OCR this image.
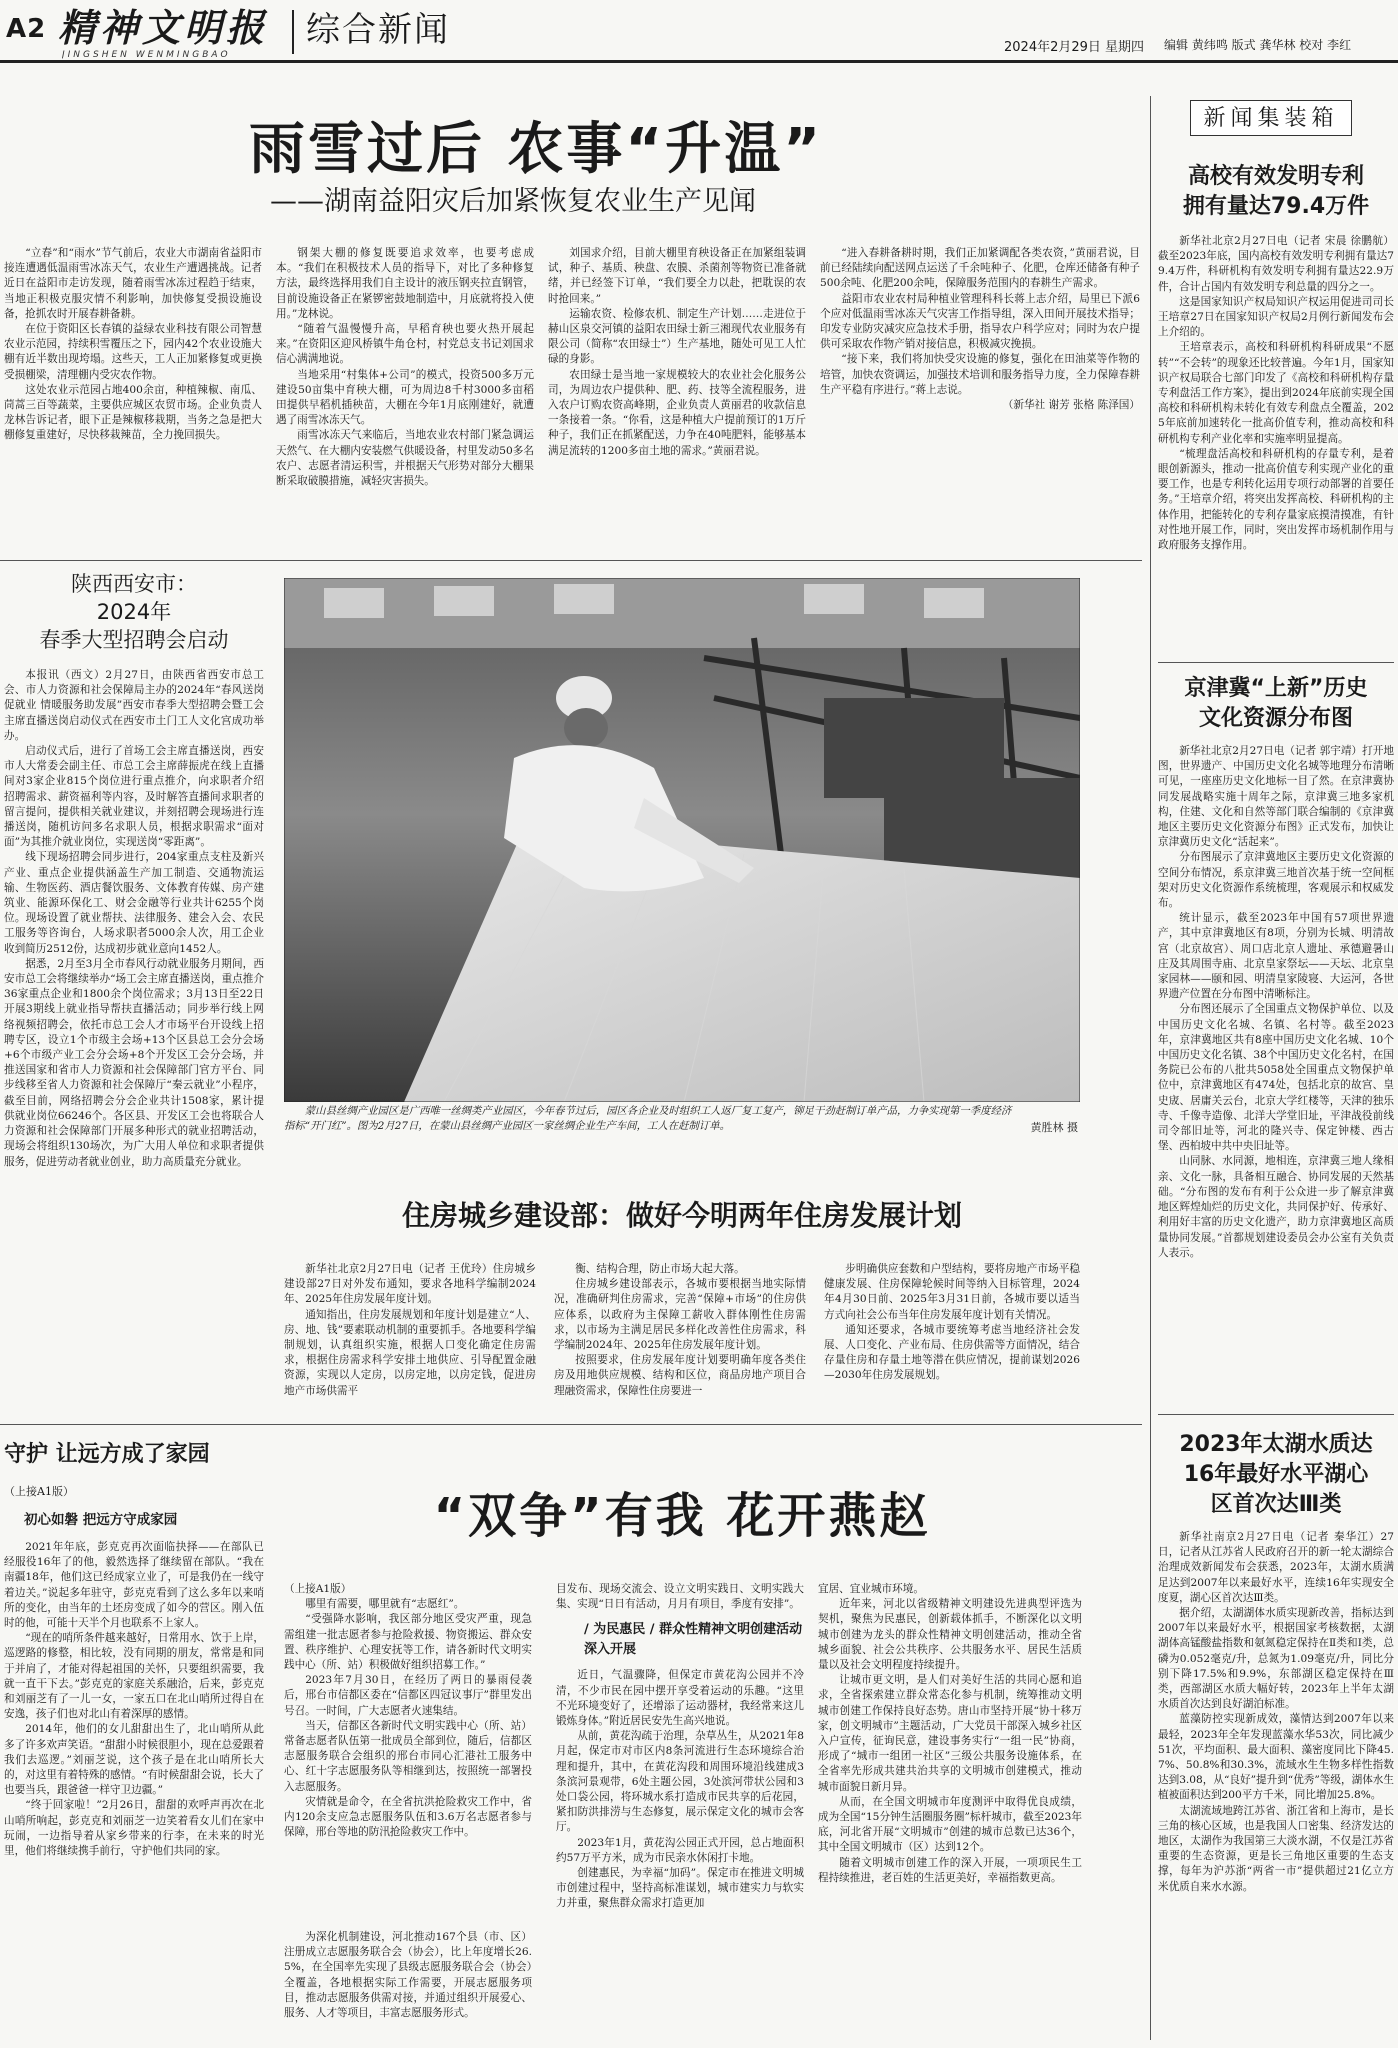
A2 精神文明报
JINGSHEN WENMINGBAO
综合新闻	2024年2月29日 星期四 编辑 黄纬鸣 版式 龚华林 校对 李红
雨雪过后 农事“升温”
——湖南益阳灾后加紧恢复农业生产见闻

“立春”和“雨水”节气前后，农业大市湖南省益阳市接连遭遇低温雨雪冰冻天气，农业生产遭遇挑战。记者近日在益阳市走访发现，随着雨雪冰冻过程趋于结束，当地正积极克服灾情不利影响，加快修复受损设施设备，抢抓农时开展春耕备耕。

在位于资阳区长春镇的益绿农业科技有限公司智慧农业示范园，持续积雪覆压之下，园内42个农业设施大棚有近半数出现垮塌。这些天，工人正加紧修复或更换受损棚梁，清理棚内受灾农作物。

这处农业示范园占地400余亩，种植辣椒、南瓜、茼蒿三百等蔬菜，主要供应城区农贸市场。企业负责人龙林告诉记者，眼下正是辣椒移栽期，当务之急是把大棚修复重建好，尽快移栽辣苗，全力挽回损失。

钢架大棚的修复既要追求效率，也要考虑成本。“我们在积极技术人员的指导下，对比了多种修复方法，最终选择用我们自主设计的液压钢夹拉直钢管，目前设施设备正在紧锣密鼓地制造中，月底就将投入使用。”龙林说。

“随着气温慢慢升高，早稻育秧也要火热开展起来。”在资阳区迎风桥镇牛角仓村，村党总支书记刘国求信心满满地说。

当地采用“村集体+公司”的模式，投资500多万元建设50亩集中育秧大棚，可为周边8千村3000多亩稻田提供早稻机插秧苗，大棚在今年1月底刚建好，就遭遇了雨雪冰冻天气。

雨雪冰冻天气来临后，当地农业农村部门紧急调运天然气、在大棚内安装燃气供暖设备，村里发动50多名农户、志愿者清运积雪，并根据天气形势对部分大棚果断采取破膜措施，减轻灾害损失。

刘国求介绍，目前大棚里育秧设备正在加紧组装调试，种子、基质、秧盘、农膜、杀菌剂等物资已准备就绪，并已经签下订单，“我们要全力以赴，把耽误的农时抢回来。”

运输农资、检修农机、制定生产计划……走进位于赫山区泉交河镇的益阳农田绿士新三湘现代农业服务有限公司（简称“农田绿士”）生产基地，随处可见工人忙碌的身影。

农田绿士是当地一家规模较大的农业社会化服务公司，为周边农户提供种、肥、药、技等全流程服务，进入农户订购农资高峰期，企业负责人黄丽君的收款信息一条接着一条。“你看，这是种植大户提前预订的1万斤种子，我们正在抓紧配送，力争在40吨肥料，能够基本满足流转的1200多亩土地的需求。”黄丽君说。

“进入春耕备耕时期，我们正加紧调配各类农资，”黄丽君说，目前已经陆续向配送网点运送了千余吨种子、化肥，仓库还储备有种子500余吨、化肥200余吨，保障服务范围内的春耕生产需求。

益阳市农业农村局种植业管理科科长蒋上志介绍，局里已下派6个应对低温雨雪冰冻天气灾害工作指导组，深入田间开展技术指导；印发专业防灾减灾应急技术手册，指导农户科学应对；同时为农户提供可采取农作物产销对接信息，积极减灾挽损。

“接下来，我们将加快受灾设施的修复，强化在田油菜等作物的培管，加快农资调运，加强技术培训和服务指导力度，全力保障春耕生产平稳有序进行。”蒋上志说。

（新华社 谢芳 张格 陈泽国）

新闻集装箱
高校有效发明专利拥有量达79.4万件

新华社北京2月27日电（记者 宋晨 徐鹏航）截至2023年底，国内高校有效发明专利拥有量达79.4万件，科研机构有效发明专利拥有量达22.9万件，合计占国内有效发明专利总量的四分之一。

这是国家知识产权局知识产权运用促进司司长王培章27日在国家知识产权局2月例行新闻发布会上介绍的。

王培章表示，高校和科研机构科研成果“不愿转”“不会转”的现象还比较普遍。今年1月，国家知识产权局联合七部门印发了《高校和科研机构存量专利盘活工作方案》，提出到2024年底前实现全国高校和科研机构未转化有效专利盘点全覆盖，2025年底前加速转化一批高价值专利，推动高校和科研机构专利产业化率和实施率明显提高。

“梳理盘活高校和科研机构的存量专利，是着眼创新源头，推动一批高价值专利实现产业化的重要工作，也是专利转化运用专项行动部署的首要任务。”王培章介绍，将突出发挥高校、科研机构的主体作用，把能转化的专利存量家底摸清摸准，有针对性地开展工作，同时，突出发挥市场机制作用与政府服务支撑作用。

京津冀“上新”历史文化资源分布图

新华社北京2月27日电（记者 郭宇靖）打开地图，世界遗产、中国历史文化名城等地理分布清晰可见，一座座历史文化地标一目了然。在京津冀协同发展战略实施十周年之际，京津冀三地多家机构，住建、文化和自然等部门联合编制的《京津冀地区主要历史文化资源分布图》正式发布，加快让京津冀历史文化“活起来”。

分布图展示了京津冀地区主要历史文化资源的空间分布情况，系京津冀三地首次基于统一空间框架对历史文化资源作系统梳理，客观展示和权威发布。

统计显示，截至2023年中国有57项世界遗产，其中京津冀地区有8项，分别为长城、明清故宫（北京故宫）、周口店北京人遗址、承德避暑山庄及其周围寺庙、北京皇家祭坛——天坛、北京皇家园林——颐和园、明清皇家陵寝、大运河，各世界遗产位置在分布图中清晰标注。

分布图还展示了全国重点文物保护单位、以及中国历史文化名城、名镇、名村等。截至2023年，京津冀地区共有8座中国历史文化名城、10个中国历史文化名镇、38个中国历史文化名村，在国务院已公布的八批共5058处全国重点文物保护单位中，京津冀地区有474处，包括北京的故宫、皇史宬、居庸关云台，北京大学红楼等，天津的独乐寺、千像寺造像、北洋大学堂旧址，平津战役前线司令部旧址等，河北的隆兴寺、保定钟楼、西古堡、西柏坡中共中央旧址等。

山同脉、水同源，地相连，京津冀三地人缘相亲、文化一脉，具备相互融合、协同发展的天然基础。“分布图的发布有利于公众进一步了解京津冀地区辉煌灿烂的历史文化，共同保护好、传承好、利用好丰富的历史文化遗产，助力京津冀地区高质量协同发展。”首都规划建设委员会办公室有关负责人表示。

2023年太湖水质达16年最好水平湖心区首次达Ⅲ类

新华社南京2月27日电（记者 秦华江）27日，记者从江苏省人民政府召开的新一轮太湖综合治理成效新闻发布会获悉，2023年，太湖水质满足达到2007年以来最好水平，连续16年实现安全度夏，湖心区首次达Ⅲ类。

据介绍，太湖湖体水质实现新改善，指标达到2007年以来最好水平，根据国家考核数据，太湖湖体高锰酸盐指数和氨氮稳定保持在Ⅱ类和Ⅰ类，总磷为0.052毫克/升，总氮为1.09毫克/升，同比分别下降17.5%和9.9%，东部湖区稳定保持在Ⅲ类，西部湖区水质大幅好转，2023年上半年太湖水质首次达到良好湖泊标准。

蓝藻防控实现新成效，藻情达到2007年以来最轻，2023年全年发现蓝藻水华53次，同比减少51次，平均面积、最大面积、藻密度同比下降45.7%、50.8%和30.3%，流域水生生物多样性指数达到3.08，从“良好”提升到“优秀”等级，湖体水生植被面积达到200平方千米，同比增加25.8%。

太湖流域地跨江苏省、浙江省和上海市，是长三角的核心区域，也是我国人口密集、经济发达的地区，太湖作为我国第三大淡水湖，不仅是江苏省重要的生态资源，更是长三角地区重要的生态支撑，每年为沪苏浙“两省一市”提供超过21亿立方米优质自来水水源。

陕西西安市：
2024年
春季大型招聘会启动

本报讯（西文）2月27日，由陕西省西安市总工会、市人力资源和社会保障局主办的2024年“春风送岗促就业 情暖服务助发展”西安市春季大型招聘会暨工会主席直播送岗启动仪式在西安市土门工人文化宫成功举办。

启动仪式后，进行了首场工会主席直播送岗，西安市人大常委会副主任、市总工会主席薛振虎在线上直播间对3家企业815个岗位进行重点推介，向求职者介绍招聘需求、薪资福利等内容，及时解答直播间求职者的留言提问，提供相关就业建议，并刻招聘会现场进行连播送岗，随机访问多名求职人员，根据求职需求“面对面”为其推介就业岗位，实现送岗“零距离”。

线下现场招聘会同步进行，204家重点支柱及新兴产业、重点企业提供涵盖生产加工制造、交通物流运输、生物医药、酒店餐饮服务、文体教育传媒、房产建筑业、能源环保化工、财会金融等行业共计6255个岗位。现场设置了就业帮扶、法律服务、建会入会、农民工服务等咨询台，人场求职者5000余人次，用工企业收到简历2512份，达成初步就业意向1452人。

据悉，2月至3月全市春风行动就业服务月期间，西安市总工会将继续举办“场工会主席直播送岗，重点推介36家重点企业和1800余个岗位需求；3月13日至22日开展3期线上就业指导帮扶直播活动；同步举行线上网络视频招聘会，依托市总工会人才市场平台开设线上招聘专区，设立1个市级主会场+13个区县总工会分会场+6个市级产业工会分会场+8个开发区工会分会场，并推送国家和省市人力资源和社会保障部门官方平台、同步线移至省人力资源和社会保障厅“秦云就业”小程序，截至目前，网络招聘会分会企业共计1508家，累计提供就业岗位66246个。各区县、开发区工会也将联合人力资源和社会保障部门开展多种形式的就业招聘活动，现场会将组织130场次，为广大用人单位和求职者提供服务，促进劳动者就业创业，助力高质量充分就业。

蒙山县丝绸产业园区是广西唯一丝绸类产业园区，今年春节过后，园区各企业及时组织工人返厂复工复产，铆足干劲赶制订单产品，力争实现第一季度经济指标“开门红”。图为2月27日，在蒙山县丝绸产业园区一家丝绸企业生产车间，工人在赶制订单。	黄胜林 摄
住房城乡建设部：做好今明两年住房发展计划

新华社北京2月27日电（记者 王优玲）住房城乡建设部27日对外发布通知，要求各地科学编制2024年、2025年住房发展年度计划。

通知指出，住房发展规划和年度计划是建立“人、房、地、钱”要素联动机制的重要抓手。各地要科学编制规划，认真组织实施，根据人口变化确定住房需求，根据住房需求科学安排土地供应、引导配置金融资源，实现以人定房，以房定地，以房定钱，促进房地产市场供需平

衡、结构合理，防止市场大起大落。

住房城乡建设部表示，各城市要根据当地实际情况，准确研判住房需求，完善“保障+市场”的住房供应体系，以政府为主保障工薪收入群体刚性住房需求，以市场为主满足居民多样化改善性住房需求，科学编制2024年、2025年住房发展年度计划。

按照要求，住房发展年度计划要明确年度各类住房及用地供应规模、结构和区位，商品房地产项目合理融资需求，保障性住房要进一

步明确供应套数和户型结构，要将房地产市场平稳健康发展、住房保障轮候时间等纳入目标管理，2024年4月30日前、2025年3月31日前，各城市要以适当方式向社会公布当年住房发展年度计划有关情况。

通知还要求，各城市要统筹考虑当地经济社会发展、人口变化、产业布局、住房供需等方面情况，结合存量住房和存量土地等潜在供应情况，提前谋划2026—2030年住房发展规划。

守护 让远方成了家园
（上接A1版）
初心如磐 把远方守成家园

2021年年底，彭克克再次面临抉择——在部队已经服役16年了的他，毅然选择了继续留在部队。“我在南疆18年，他们这已经成家立业了，可是我仍在一线守着边关。”说起多年驻守，彭克克看到了这么多年以来哨所的变化，由当年的土坯房变成了如今的营区。刚入伍时的他，可能十天半个月也联系不上家人。

“现在的哨所条件越来越好，日常用水、饮于上岸，巡逻路的修整，相比较，没有同期的朋友，常常是和同于并肩了，才能对得起祖国的关怀，只要组织需要，我就一直干下去。”彭克克的家庭关系融洽，后来，彭克克和刘丽芝有了一儿一女，一家五口在北山哨所过得自在安逸，孩子们也对北山有着深厚的感情。

2014年，他们的女儿甜甜出生了，北山哨所从此多了许多欢声笑语。“甜甜小时候很胆小，现在总爱跟着我们去巡逻。”刘丽芝说，这个孩子是在北山哨所长大的，对这里有着特殊的感情。“有时候甜甜会说，长大了也要当兵，跟爸爸一样守卫边疆。”

“终于回家啦！”2月26日，甜甜的欢呼声再次在北山哨所响起，彭克克和刘丽芝一边笑着看女儿们在家中玩闹，一边指导着从家乡带来的行李，在未来的时光里，他们将继续携手前行，守护他们共同的家。

“双争”有我 花开燕赵

（上接A1版）

哪里有需要，哪里就有“志愿红”。

“受强降水影响，我区部分地区受灾严重，现急需组建一批志愿者参与抢险救援、物资搬运、群众安置、秩序维护、心理安抚等工作，请各新时代文明实践中心（所、站）积极做好组织招募工作。”

2023年7月30日，在经历了两日的暴雨侵袭后，邢台市信都区委在“信都区四冠议事厅”群里发出号召。一时间，广大志愿者火速集结。

当天，信都区各新时代文明实践中心（所、站）常备志愿者队伍第一批成员全部到位，随后，信都区志愿服务联合会组织的邢台市同心汇港社工服务中心、红十字志愿服务队等相继到达，按照统一部署投入志愿服务。

灾情就是命令，在全省抗洪抢险救灾工作中，省内120余支应急志愿服务队伍和3.6万名志愿者参与保障，邢台等地的防汛抢险救灾工作中。

目发布、现场交流会、设立文明实践日、文明实践大集、实现“日日有活动，月月有项目，季度有安排”。

/ 为民惠民 / 群众性精神文明创建活动深入开展

近日，气温骤降，但保定市黄花沟公园并不冷清，不少市民在园中摆开享受着运动的乐趣。“这里不光环境变好了，还增添了运动器材，我经常来这儿锻炼身体。”附近居民安先生高兴地说。

从前，黄花沟疏于治理，杂草丛生，从2021年8月起，保定市对市区内8条河流进行生态环境综合治理和提升，其中，在黄花沟段和周围环境沿线建成3条滨河景观带，6处主题公园，3处滨河带状公园和3处口袋公园，将环城水系打造成市民共享的后花园，紧扣防洪排涝与生态修复，展示保定文化的城市会客厅。

2023年1月，黄花沟公园正式开园，总占地面积约57万平方米，成为市民亲水休闲打卡地。

创建惠民，为幸福“加码”。保定市在推进文明城市创建过程中，坚持高标准谋划，城市建实力与软实力并重，聚焦群众需求打造更加

宜居、宜业城市环境。

近年来，河北以省级精神文明建设先进典型评选为契机，聚焦为民惠民，创新载体抓手，不断深化以文明城市创建为龙头的群众性精神文明创建活动，推动全省城乡面貌、社会公共秩序、公共服务水平、居民生活质量以及社会文明程度持续提升。

让城市更文明，是人们对美好生活的共同心愿和追求，全省探索建立群众常态化参与机制，统筹推动文明城市创建工作保持良好态势。唐山市坚持开展“协十移万家，创文明城市”主题活动，广大党员干部深入城乡社区入户宣传，征询民意，建设事务实行“一组一民”协商，形成了“城市一组团一社区”三级公共服务设施体系，在全省率先形成共建共治共享的文明城市创建模式，推动城市面貌日新月异。

从而，在全国文明城市年度测评中取得优良成绩，成为全国“15分钟生活圈服务圈”标杆城市，截至2023年底，河北省开展“文明城市”创建的城市总数已达36个，其中全国文明城市（区）达到12个。

随着文明城市创建工作的深入开展，一项项民生工程持续推进，老百姓的生活更美好，幸福指数更高。

为深化机制建设，河北推动167个县（市、区）注册成立志愿服务联合会（协会），比上年度增长26.5%，在全国率先实现了县级志愿服务联合会（协会）全覆盖，各地根据实际工作需要，开展志愿服务项目，推动志愿服务供需对接，并通过组织开展爱心、服务、人才等项目，丰富志愿服务形式。
